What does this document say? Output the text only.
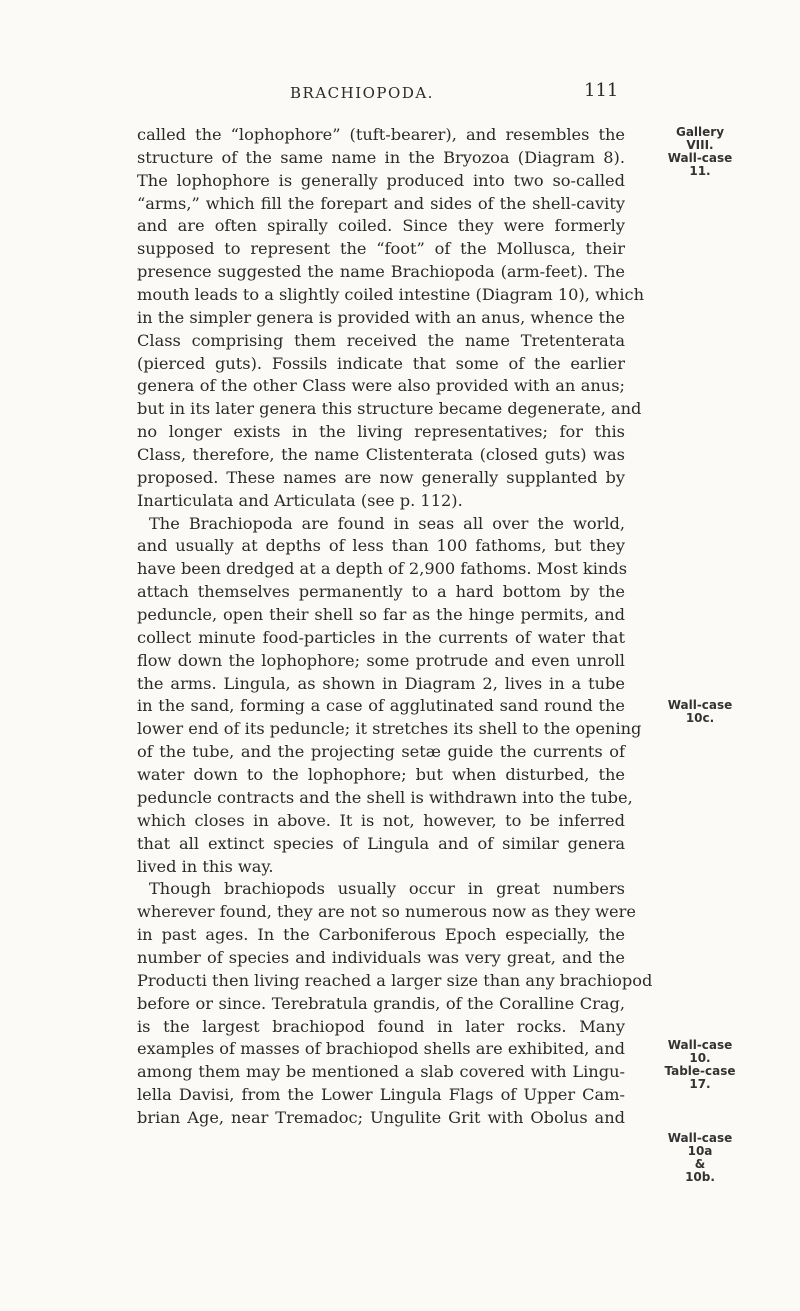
BRACHIOPODA.	111
called the “lophophore” (tuft-bearer), and resembles the
structure of the same name in the Bryozoa (Diagram 8).
The lophophore is generally produced into two so-called
“arms,” which fill the forepart and sides of the shell-cavity
and are often spirally coiled. Since they were formerly
supposed to represent the “foot” of the Mollusca, their
presence suggested the name Brachiopoda (arm-feet). The
mouth leads to a slightly coiled intestine (Diagram 10), which
in the simpler genera is provided with an anus, whence the
Class comprising them received the name Tretenterata
(pierced guts). Fossils indicate that some of the earlier
genera of the other Class were also provided with an anus;
but in its later genera this structure became degenerate, and
no longer exists in the living representatives; for this
Class, therefore, the name Clistenterata (closed guts) was
proposed. These names are now generally supplanted by
Inarticulata and Articulata (see p. 112).
The Brachiopoda are found in seas all over the world,
and usually at depths of less than 100 fathoms, but they
have been dredged at a depth of 2,900 fathoms. Most kinds
attach themselves permanently to a hard bottom by the
peduncle, open their shell so far as the hinge permits, and
collect minute food-particles in the currents of water that
flow down the lophophore; some protrude and even unroll
the arms. Lingula, as shown in Diagram 2, lives in a tube
in the sand, forming a case of agglutinated sand round the
lower end of its peduncle; it stretches its shell to the opening
of the tube, and the projecting setæ guide the currents of
water down to the lophophore; but when disturbed, the
peduncle contracts and the shell is withdrawn into the tube,
which closes in above. It is not, however, to be inferred
that all extinct species of Lingula and of similar genera
lived in this way.
Though brachiopods usually occur in great numbers
wherever found, they are not so numerous now as they were
in past ages. In the Carboniferous Epoch especially, the
number of species and individuals was very great, and the
Producti then living reached a larger size than any brachiopod
before or since. Terebratula grandis, of the Coralline Crag,
is the largest brachiopod found in later rocks. Many
examples of masses of brachiopod shells are exhibited, and
among them may be mentioned a slab covered with Lingu-
lella Davisi, from the Lower Lingula Flags of Upper Cam-
brian Age, near Tremadoc; Ungulite Grit with Obolus and
Gallery
VIII.
Wall-case
11.
Wall-case
10c.
Wall-case
10.
Table-case
17.
Wall-case
10a
&
10b.
